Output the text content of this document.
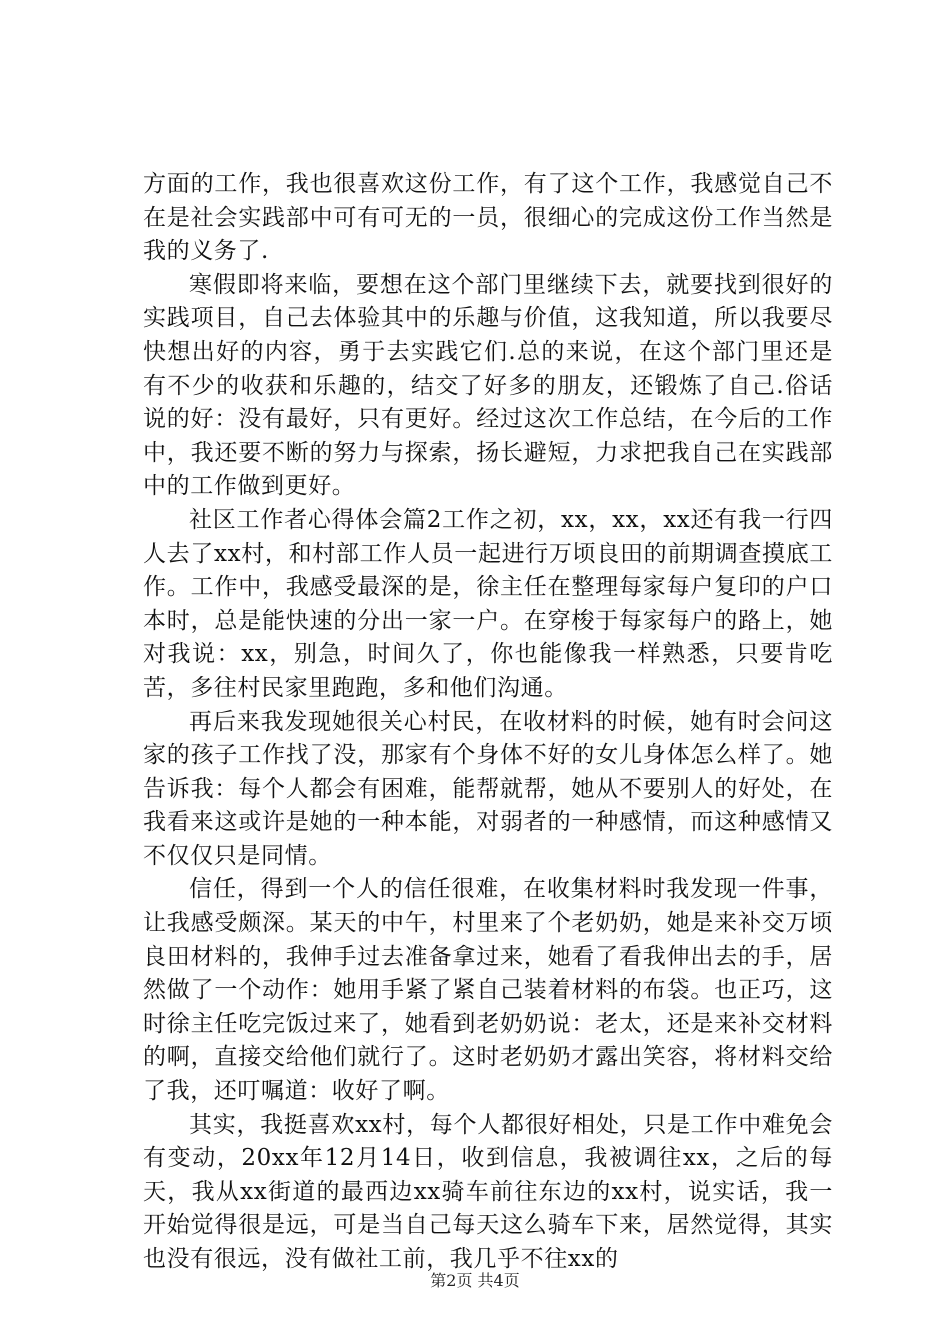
方面的工作，我也很喜欢这份工作，有了这个工作，我感觉自己不在是社会实践部中可有可无的一员，很细心的完成这份工作当然是我的义务了.

寒假即将来临，要想在这个部门里继续下去，就要找到很好的实践项目，自己去体验其中的乐趣与价值，这我知道，所以我要尽快想出好的内容，勇于去实践它们.总的来说，在这个部门里还是有不少的收获和乐趣的，结交了好多的朋友，还锻炼了自己.俗话说的好：没有最好，只有更好。经过这次工作总结，在今后的工作中，我还要不断的努力与探索，扬长避短，力求把我自己在实践部中的工作做到更好。

社区工作者心得体会篇2工作之初，xx，xx，xx还有我一行四人去了xx村，和村部工作人员一起进行万顷良田的前期调查摸底工作。工作中，我感受最深的是，徐主任在整理每家每户复印的户口本时，总是能快速的分出一家一户。在穿梭于每家每户的路上，她对我说：xx，别急，时间久了，你也能像我一样熟悉，只要肯吃苦，多往村民家里跑跑，多和他们沟通。

再后来我发现她很关心村民，在收材料的时候，她有时会问这家的孩子工作找了没，那家有个身体不好的女儿身体怎么样了。她告诉我：每个人都会有困难，能帮就帮，她从不要别人的好处，在我看来这或许是她的一种本能，对弱者的一种感情，而这种感情又不仅仅只是同情。

信任，得到一个人的信任很难，在收集材料时我发现一件事，让我感受颇深。某天的中午，村里来了个老奶奶，她是来补交万顷良田材料的，我伸手过去准备拿过来，她看了看我伸出去的手，居然做了一个动作：她用手紧了紧自己装着材料的布袋。也正巧，这时徐主任吃完饭过来了，她看到老奶奶说：老太，还是来补交材料的啊，直接交给他们就行了。这时老奶奶才露出笑容，将材料交给了我，还叮嘱道：收好了啊。

其实，我挺喜欢xx村，每个人都很好相处，只是工作中难免会有变动，20xx年12月14日，收到信息，我被调往xx，之后的每天，我从xx街道的最西边xx骑车前往东边的xx村，说实话，我一开始觉得很是远，可是当自己每天这么骑车下来，居然觉得，其实也没有很远，没有做社工前，我几乎不往xx的

第2页 共4页
